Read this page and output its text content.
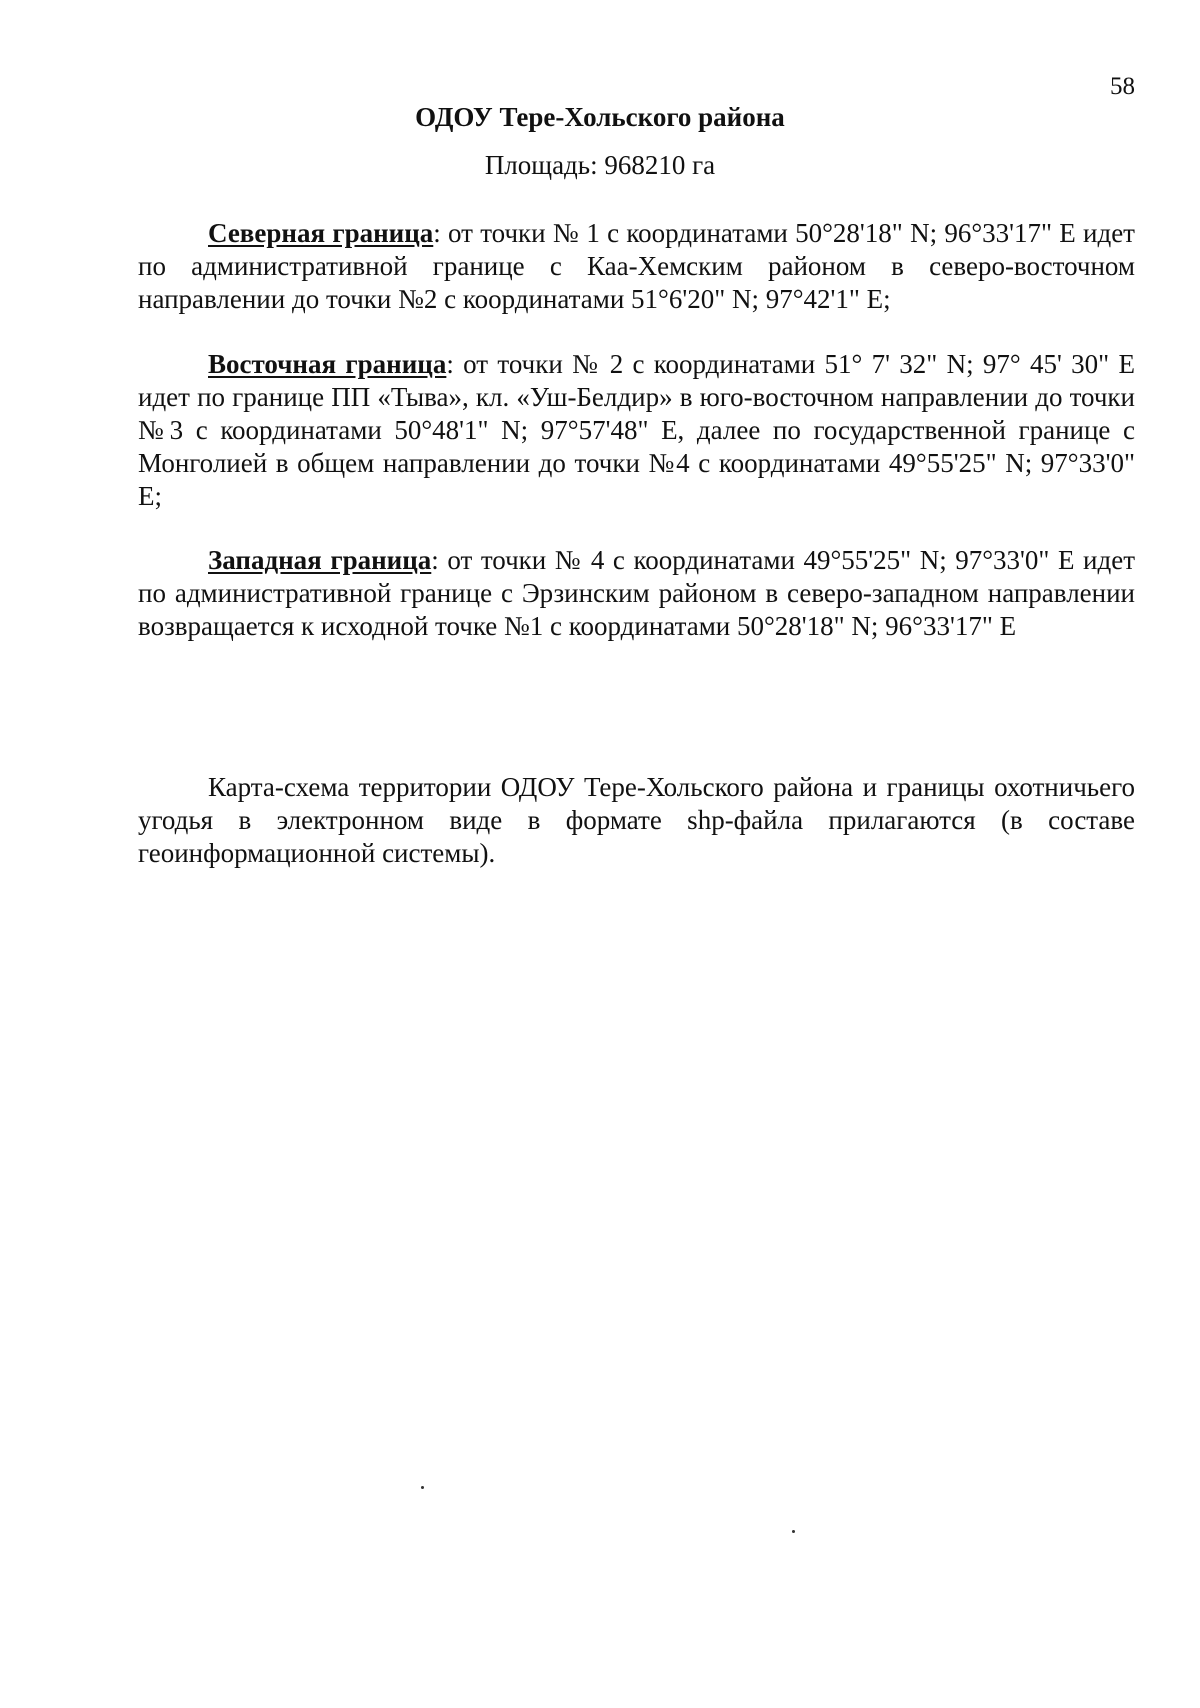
58
ОДОУ Тере-Хольского района
Площадь: 968210 га

Северная граница: от точки № 1 с координатами 50°28'18" N; 96°33'17" E идет по административной границе с Каа-Хемским районом в северо-восточном направлении до точки №2 с координатами 51°6'20" N; 97°42'1" E;

Восточная граница: от точки № 2 с координатами 51° 7' 32" N; 97° 45' 30" E идет по границе ПП «Тыва», кл. «Уш-Белдир» в юго-восточном направлении до точки №3 с координатами 50°48'1" N; 97°57'48" E, далее по государственной границе с Монголией в общем направлении до точки №4 с координатами 49°55'25" N; 97°33'0" E;

Западная граница: от точки № 4 с координатами 49°55'25" N; 97°33'0" E идет по административной границе с Эрзинским районом в северо-западном направлении возвращается к исходной точке №1 с координатами 50°28'18" N; 96°33'17" E

Карта-схема территории ОДОУ Тере-Хольского района и границы охотничьего угодья в электронном виде в формате shp-файла прилагаются (в составе геоинформационной системы).
